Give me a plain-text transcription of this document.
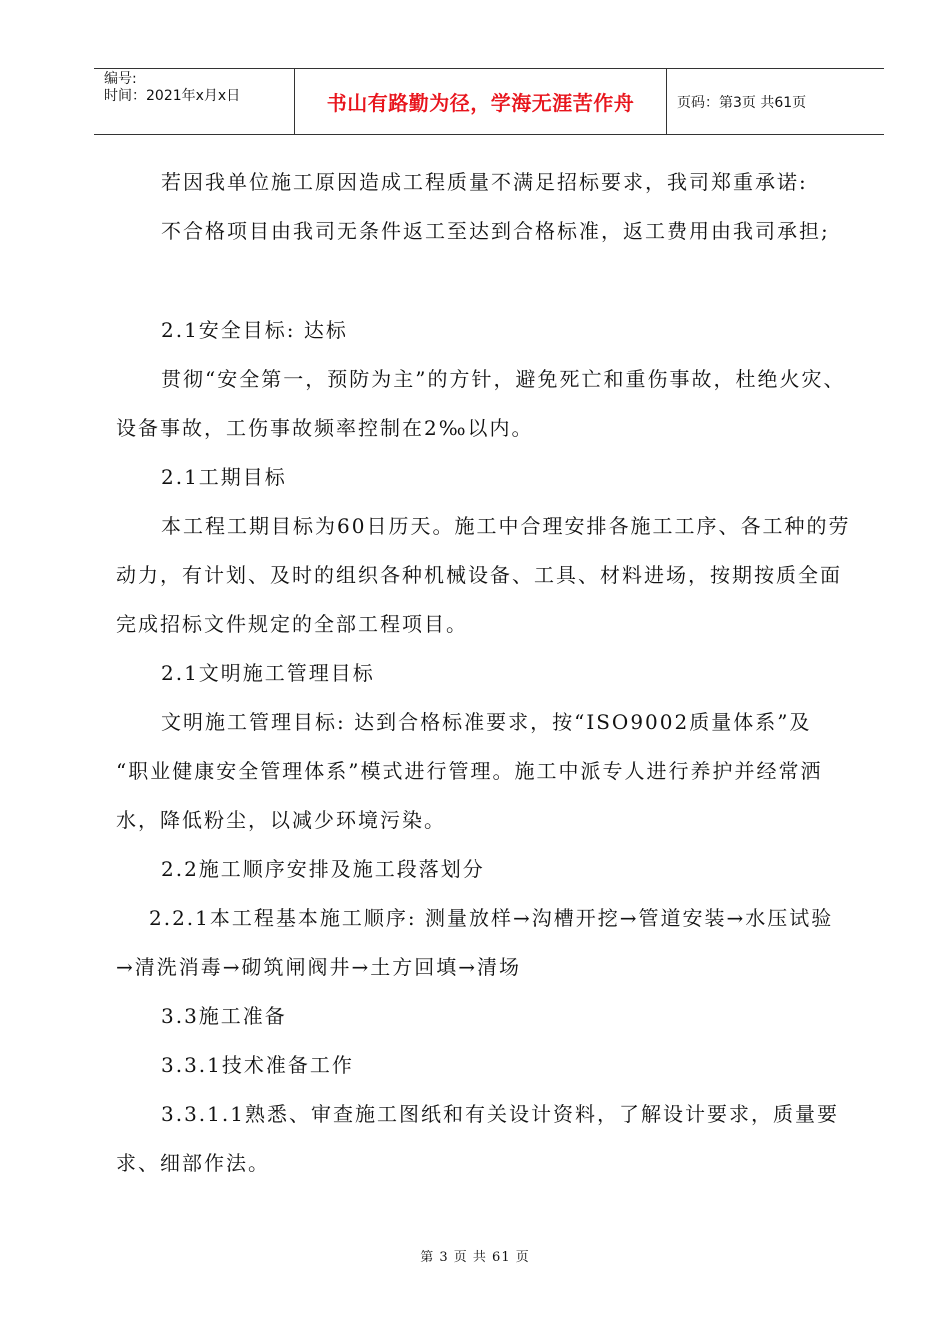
编号:
时间：2021年x月x日	书山有路勤为径，学海无涯苦作舟	页码：第3页 共61页

若因我单位施工原因造成工程质量不满足招标要求，我司郑重承诺:

不合格项目由我司无条件返工至达到合格标准，返工费用由我司承担;

2.1安全目标: 达标

贯彻“安全第一，预防为主”的方针，避免死亡和重伤事故，杜绝火灾、

设备事故，工伤事故频率控制在2‰以内。

2.1工期目标

本工程工期目标为60日历天。施工中合理安排各施工工序、各工种的劳

动力，有计划、及时的组织各种机械设备、工具、材料进场，按期按质全面

完成招标文件规定的全部工程项目。

2.1文明施工管理目标

文明施工管理目标: 达到合格标准要求，按“ISO9002质量体系”及

“职业健康安全管理体系”模式进行管理。施工中派专人进行养护并经常洒

水，降低粉尘，以减少环境污染。

2.2施工顺序安排及施工段落划分

2.2.1本工程基本施工顺序: 测量放样→沟槽开挖→管道安装→水压试验

→清洗消毒→砌筑闸阀井→土方回填→清场

3.3施工准备

3.3.1技术准备工作

3.3.1.1熟悉、审查施工图纸和有关设计资料，了解设计要求，质量要

求、细部作法。

第 3 页 共 61 页
